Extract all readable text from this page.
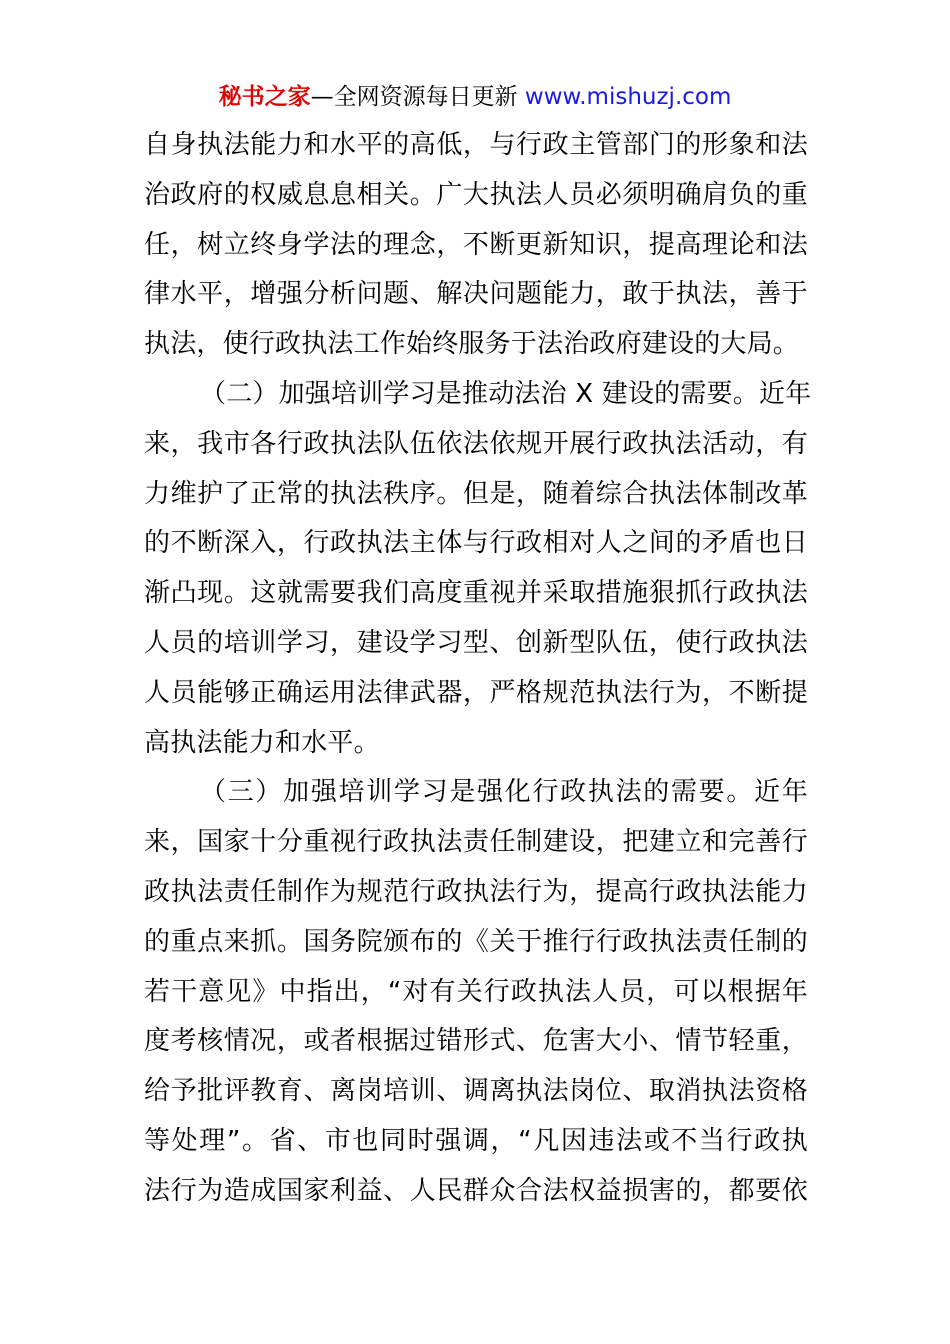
秘书之家—全网资源每日更新 www.mishuzj.com
自身执法能力和水平的高低，与行政主管部门的形象和法
治政府的权威息息相关。广大执法人员必须明确肩负的重
任，树立终身学法的理念，不断更新知识，提高理论和法
律水平，增强分析问题、解决问题能力，敢于执法，善于
执法，使行政执法工作始终服务于法治政府建设的大局。
（二）加强培训学习是推动法治 X 建设的需要。近年
来，我市各行政执法队伍依法依规开展行政执法活动，有
力维护了正常的执法秩序。但是，随着综合执法体制改革
的不断深入，行政执法主体与行政相对人之间的矛盾也日
渐凸现。这就需要我们高度重视并采取措施狠抓行政执法
人员的培训学习，建设学习型、创新型队伍，使行政执法
人员能够正确运用法律武器，严格规范执法行为，不断提
高执法能力和水平。
（三）加强培训学习是强化行政执法的需要。近年
来，国家十分重视行政执法责任制建设，把建立和完善行
政执法责任制作为规范行政执法行为，提高行政执法能力
的重点来抓。国务院颁布的《关于推行行政执法责任制的
若干意见》中指出，“对有关行政执法人员，可以根据年
度考核情况，或者根据过错形式、危害大小、情节轻重，
给予批评教育、离岗培训、调离执法岗位、取消执法资格
等处理”。省、市也同时强调，“凡因违法或不当行政执
法行为造成国家利益、人民群众合法权益损害的，都要依
